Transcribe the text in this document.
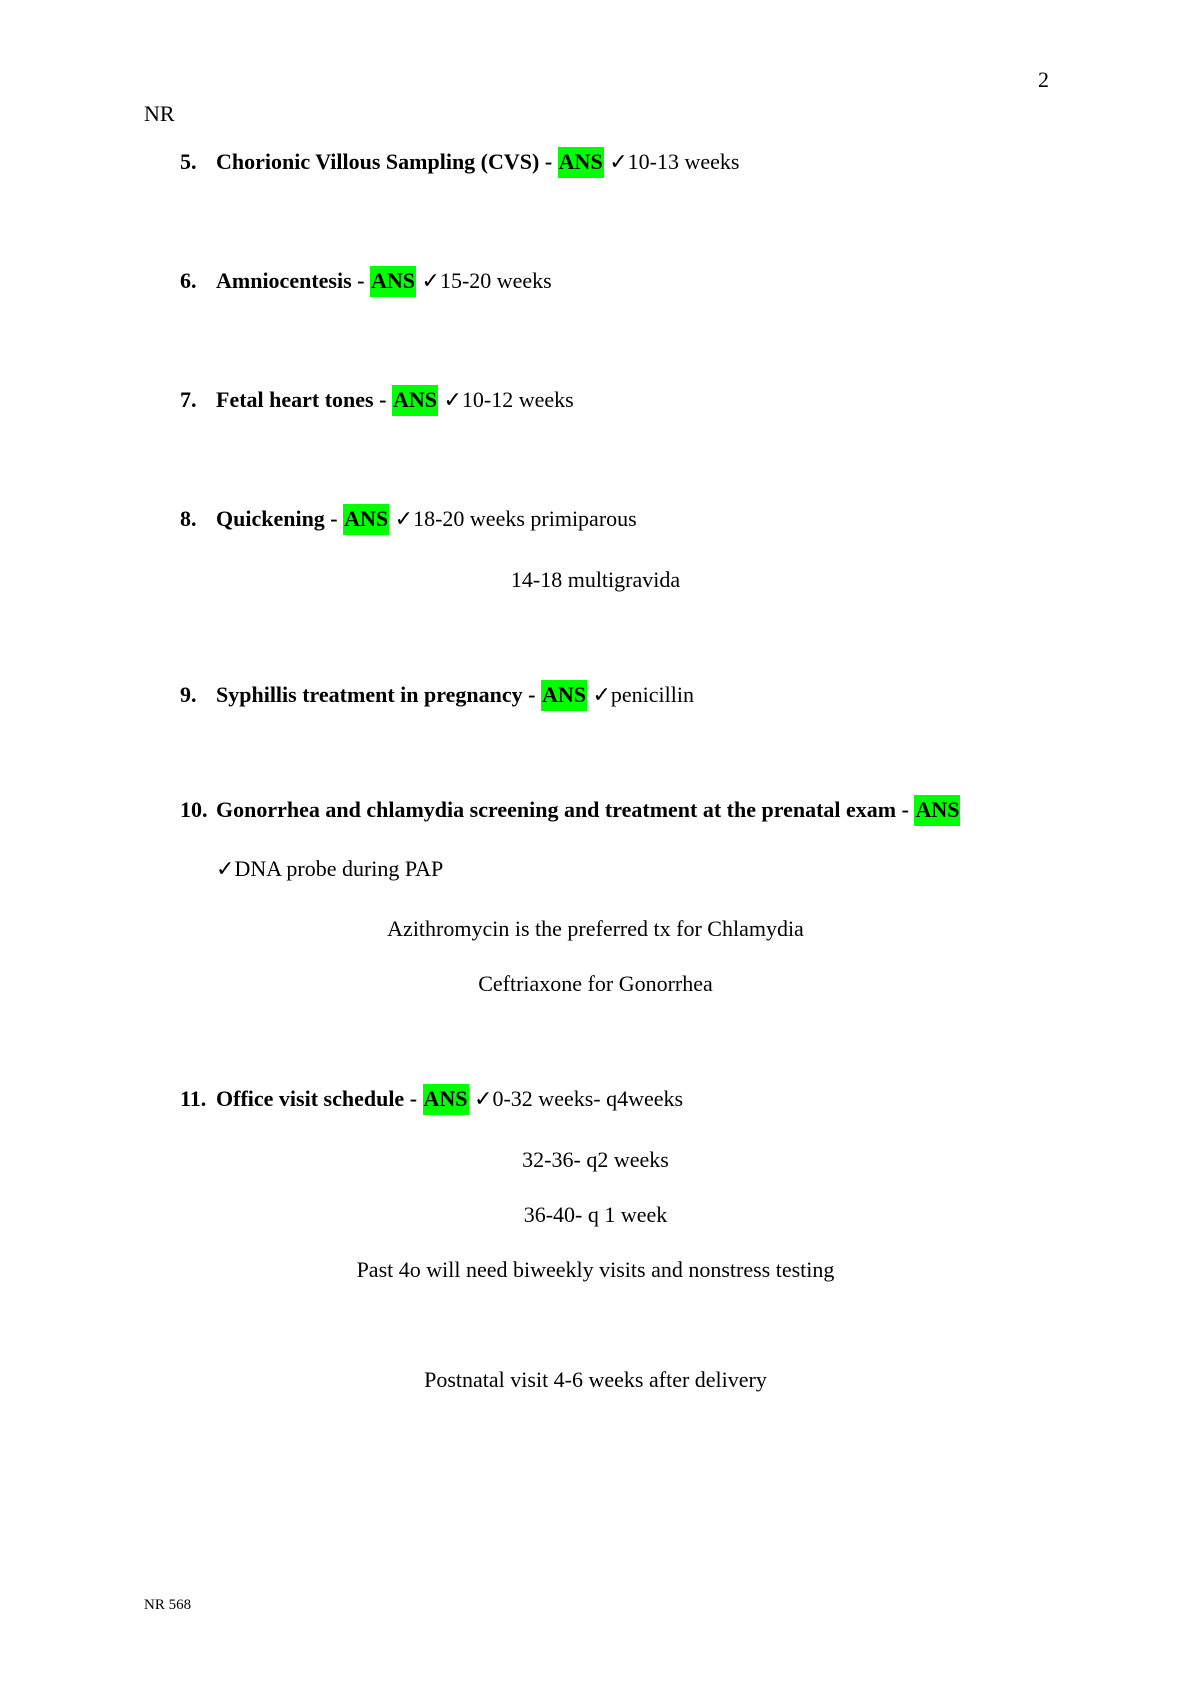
2
NR
5. Chorionic Villous Sampling (CVS) - ANS ✓10-13 weeks
6. Amniocentesis - ANS ✓15-20 weeks
7. Fetal heart tones - ANS ✓10-12 weeks
8. Quickening - ANS ✓18-20 weeks primiparous
14-18 multigravida
9. Syphillis treatment in pregnancy - ANS ✓penicillin
10. Gonorrhea and chlamydia screening and treatment at the prenatal exam - ANS
✓DNA probe during PAP
Azithromycin is the preferred tx for Chlamydia
Ceftriaxone for Gonorrhea
11. Office visit schedule - ANS ✓0-32 weeks- q4weeks
32-36- q2 weeks
36-40- q 1 week
Past 4o will need biweekly visits and nonstress testing
Postnatal visit 4-6 weeks after delivery
NR 568
